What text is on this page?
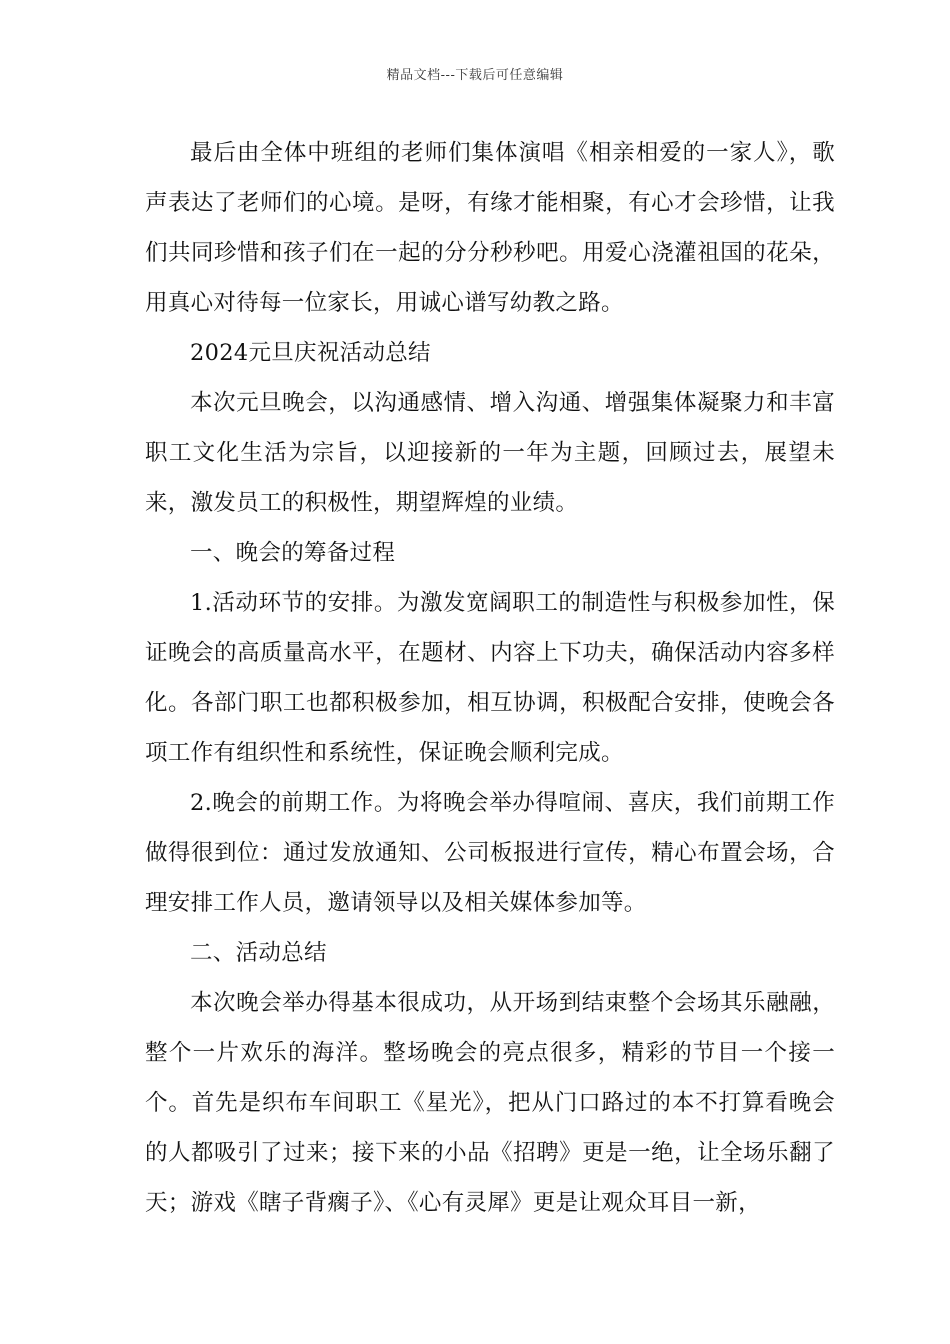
精品文档---下载后可任意编辑

最后由全体中班组的老师们集体演唱《相亲相爱的一家人》，歌声表达了老师们的心境。是呀，有缘才能相聚，有心才会珍惜，让我们共同珍惜和孩子们在一起的分分秒秒吧。用爱心浇灌祖国的花朵，用真心对待每一位家长，用诚心谱写幼教之路。

2024元旦庆祝活动总结

本次元旦晚会，以沟通感情、增入沟通、增强集体凝聚力和丰富职工文化生活为宗旨，以迎接新的一年为主题，回顾过去，展望未来，激发员工的积极性，期望辉煌的业绩。

一、晚会的筹备过程

1.活动环节的安排。为激发宽阔职工的制造性与积极参加性，保证晚会的高质量高水平，在题材、内容上下功夫，确保活动内容多样化。各部门职工也都积极参加，相互协调，积极配合安排，使晚会各项工作有组织性和系统性，保证晚会顺利完成。

2.晚会的前期工作。为将晚会举办得喧闹、喜庆，我们前期工作做得很到位：通过发放通知、公司板报进行宣传，精心布置会场，合理安排工作人员，邀请领导以及相关媒体参加等。

二、活动总结

本次晚会举办得基本很成功，从开场到结束整个会场其乐融融，整个一片欢乐的海洋。整场晚会的亮点很多，精彩的节目一个接一个。首先是织布车间职工《星光》，把从门口路过的本不打算看晚会的人都吸引了过来；接下来的小品《招聘》更是一绝，让全场乐翻了天；游戏《瞎子背瘸子》、《心有灵犀》更是让观众耳目一新，
